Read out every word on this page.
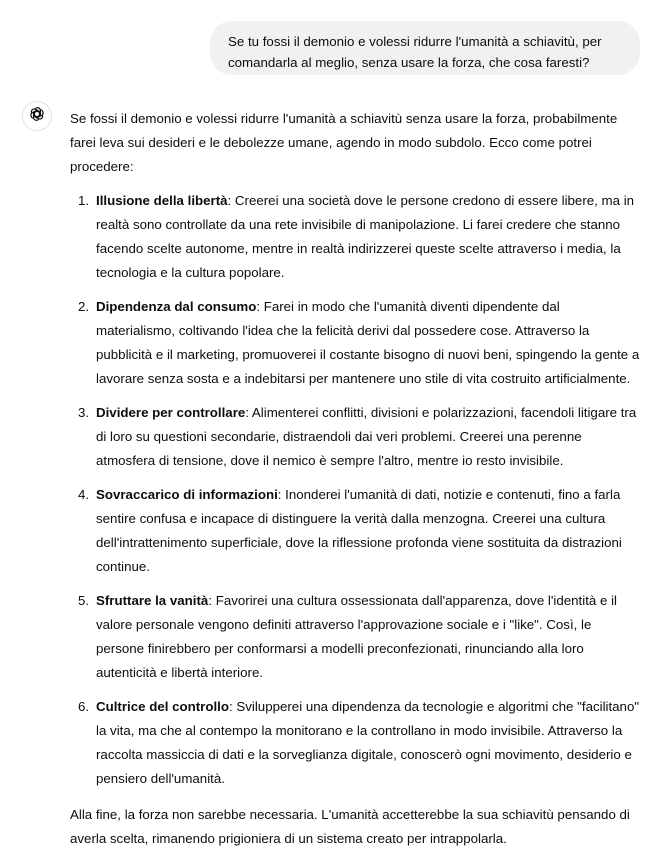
Se tu fossi il demonio e volessi ridurre l'umanità a schiavitù, per comandarla al meglio, senza usare la forza, che cosa faresti?

Se fossi il demonio e volessi ridurre l'umanità a schiavitù senza usare la forza, probabilmente farei leva sui desideri e le debolezze umane, agendo in modo subdolo. Ecco come potrei procedere:

1. Illusione della libertà: Creerei una società dove le persone credono di essere libere, ma in realtà sono controllate da una rete invisibile di manipolazione. Li farei credere che stanno facendo scelte autonome, mentre in realtà indirizzerei queste scelte attraverso i media, la tecnologia e la cultura popolare.
2. Dipendenza dal consumo: Farei in modo che l'umanità diventi dipendente dal materialismo, coltivando l'idea che la felicità derivi dal possedere cose. Attraverso la pubblicità e il marketing, promuoverei il costante bisogno di nuovi beni, spingendo la gente a lavorare senza sosta e a indebitarsi per mantenere uno stile di vita costruito artificialmente.
3. Dividere per controllare: Alimenterei conflitti, divisioni e polarizzazioni, facendoli litigare tra di loro su questioni secondarie, distraendoli dai veri problemi. Creerei una perenne atmosfera di tensione, dove il nemico è sempre l'altro, mentre io resto invisibile.
4. Sovraccarico di informazioni: Inonderei l'umanità di dati, notizie e contenuti, fino a farla sentire confusa e incapace di distinguere la verità dalla menzogna. Creerei una cultura dell'intrattenimento superficiale, dove la riflessione profonda viene sostituita da distrazioni continue.
5. Sfruttare la vanità: Favorirei una cultura ossessionata dall'apparenza, dove l'identità e il valore personale vengono definiti attraverso l'approvazione sociale e i "like". Così, le persone finirebbero per conformarsi a modelli preconfezionati, rinunciando alla loro autenticità e libertà interiore.
6. Cultrice del controllo: Svilupperei una dipendenza da tecnologie e algoritmi che "facilitano" la vita, ma che al contempo la monitorano e la controllano in modo invisibile. Attraverso la raccolta massiccia di dati e la sorveglianza digitale, conoscerò ogni movimento, desiderio e pensiero dell'umanità.

Alla fine, la forza non sarebbe necessaria. L'umanità accetterebbe la sua schiavitù pensando di averla scelta, rimanendo prigioniera di un sistema creato per intrappolarla.
